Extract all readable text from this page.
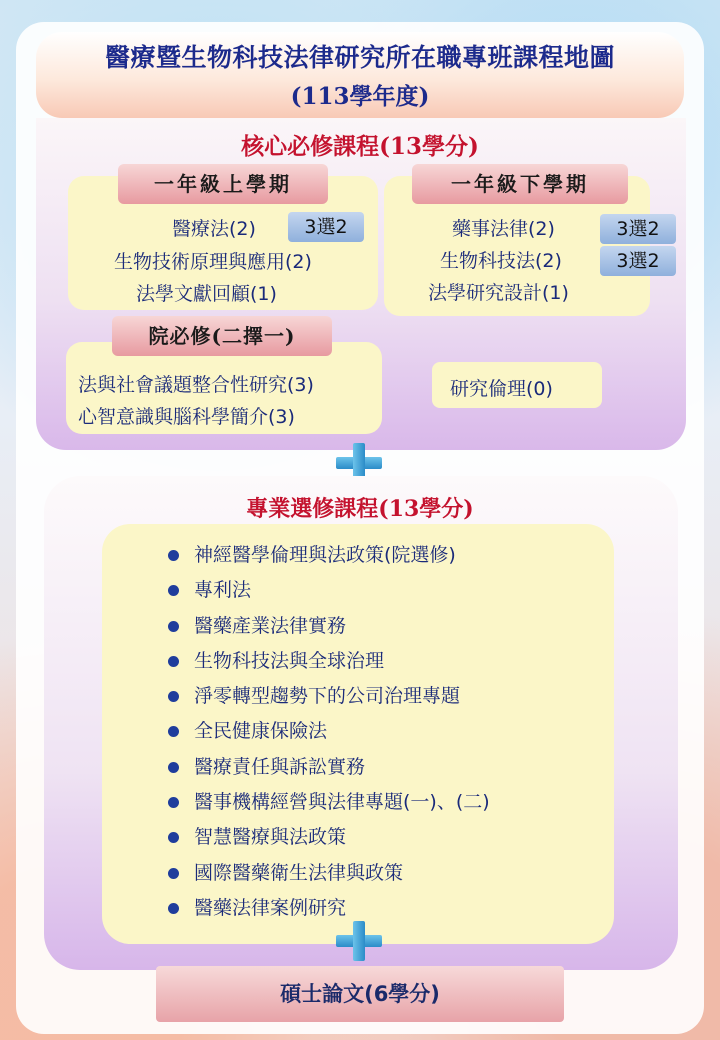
醫療暨生物科技法律研究所在職專班課程地圖
(113學年度)
核心必修課程(13學分)
一年級上學期
醫療法(2)	3選2
生物技術原理與應用(2)
法學文獻回顧(1)
一年級下學期
藥事法律(2)	3選2
生物科技法(2)	3選2
法學研究設計(1)
院必修(二擇一)
法與社會議題整合性研究(3)
心智意識與腦科學簡介(3)
研究倫理(0)
專業選修課程(13學分)
神經醫學倫理與法政策(院選修)
專利法
醫藥產業法律實務
生物科技法與全球治理
淨零轉型趨勢下的公司治理專題
全民健康保險法
醫療責任與訴訟實務
醫事機構經營與法律專題(一)、(二)
智慧醫療與法政策
國際醫藥衛生法律與政策
醫藥法律案例研究
碩士論文(6學分)
